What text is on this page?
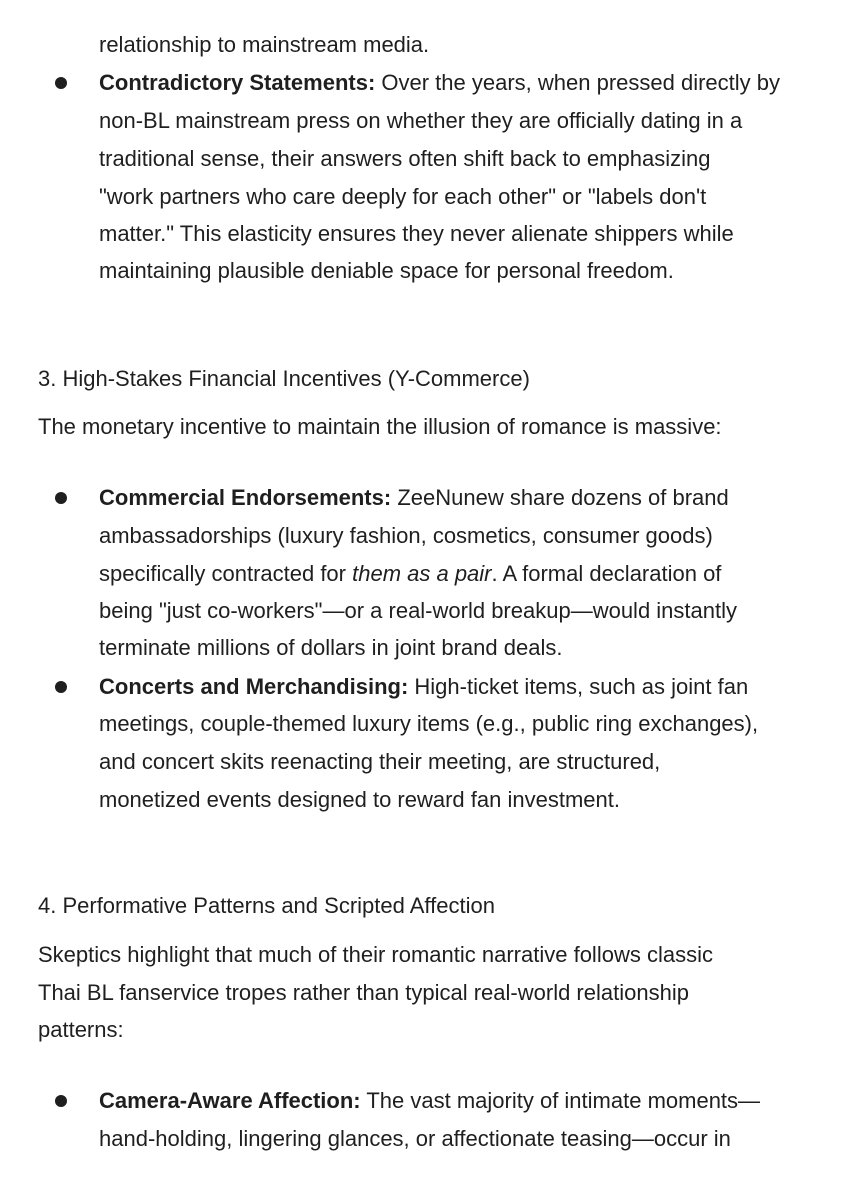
relationship to mainstream media.
Contradictory Statements: Over the years, when pressed directly by
non-BL mainstream press on whether they are officially dating in a
traditional sense, their answers often shift back to emphasizing
"work partners who care deeply for each other" or "labels don't
matter." This elasticity ensures they never alienate shippers while
maintaining plausible deniable space for personal freedom.
3. High-Stakes Financial Incentives (Y-Commerce)
The monetary incentive to maintain the illusion of romance is massive:
Commercial Endorsements: ZeeNunew share dozens of brand
ambassadorships (luxury fashion, cosmetics, consumer goods)
specifically contracted for them as a pair. A formal declaration of
being "just co-workers"—or a real-world breakup—would instantly
terminate millions of dollars in joint brand deals.
Concerts and Merchandising: High-ticket items, such as joint fan
meetings, couple-themed luxury items (e.g., public ring exchanges),
and concert skits reenacting their meeting, are structured,
monetized events designed to reward fan investment.
4. Performative Patterns and Scripted Affection
Skeptics highlight that much of their romantic narrative follows classic
Thai BL fanservice tropes rather than typical real-world relationship
patterns:
Camera-Aware Affection: The vast majority of intimate moments—
hand-holding, lingering glances, or affectionate teasing—occur in
